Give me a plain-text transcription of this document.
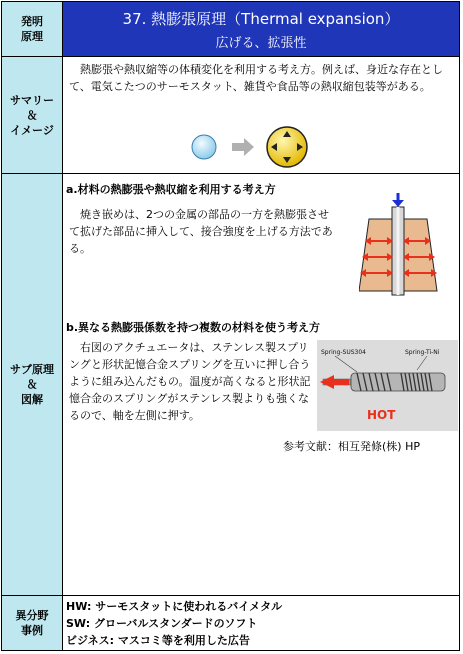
発明
原理
37. 熱膨張原理（Thermal expansion）
広げる、拡張性
サマリー
＆
イメージ
　熱膨張や熱収縮等の体積変化を利用する考え方。例えば、身近な存在として、電気こたつのサーモスタット、雑貨や食品等の熱収縮包装等がある。
サブ原理
＆
図解
a.材料の熱膨張や熱収縮を利用する考え方
　焼き嵌めは、2つの金属の部品の一方を熱膨張させて拡げた部品に挿入して、接合強度を上げる方法である。
b.異なる熱膨張係数を持つ複数の材料を使う考え方
　右図のアクチュエータは、ステンレス製スプリングと形状記憶合金スプリングを互いに押し合うように組み込んだもの。温度が高くなると形状記憶合金のスプリングがステンレス製よりも強くなるので、軸を左側に押す。
Spring-SUS304	Spring-Ti-Ni
HOT
参考文献：相互発條(株) HP
異分野
事例
HW: サーモスタットに使われるバイメタル
SW: グローバルスタンダードのソフト
ビジネス: マスコミ等を利用した広告
